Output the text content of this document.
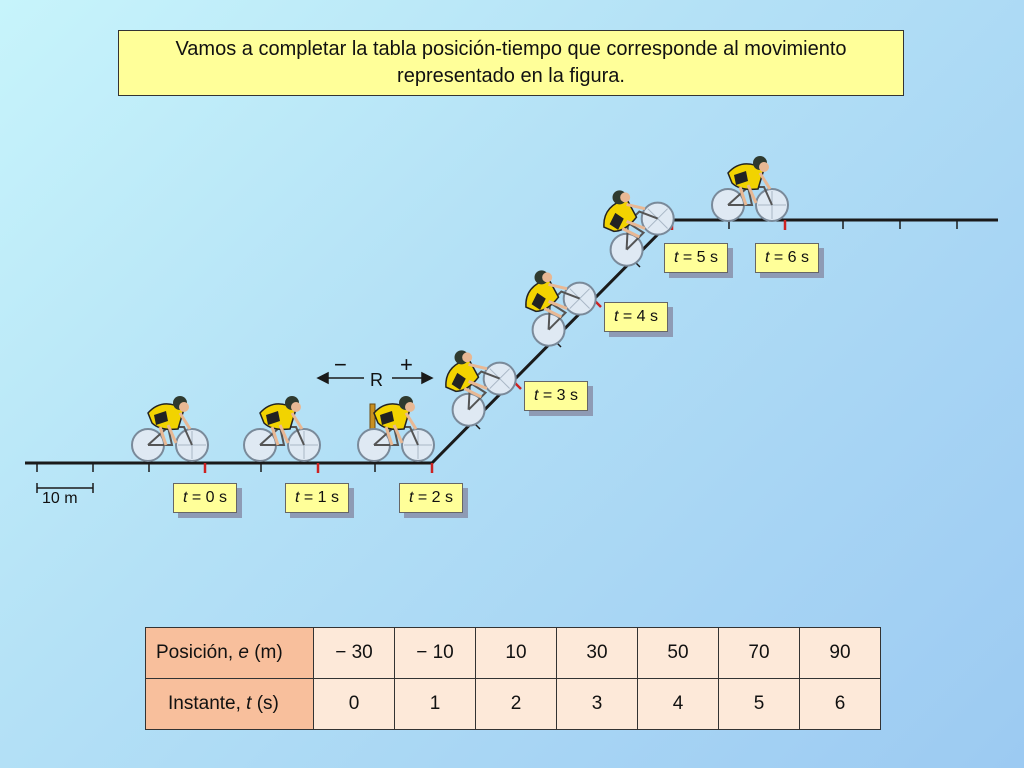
Vamos a completar la tabla posición-tiempo que corresponde al movimiento
representado en la figura.
− +
R
10 m	t = 0 s	t = 1 s	t = 2 s
t = 3 s
t = 4 s
t = 5 s	t = 6 s
Posición, e (m)	− 30	− 10	10	30	50	70	90
Instante, t (s)	0	1	2	3	4	5	6
